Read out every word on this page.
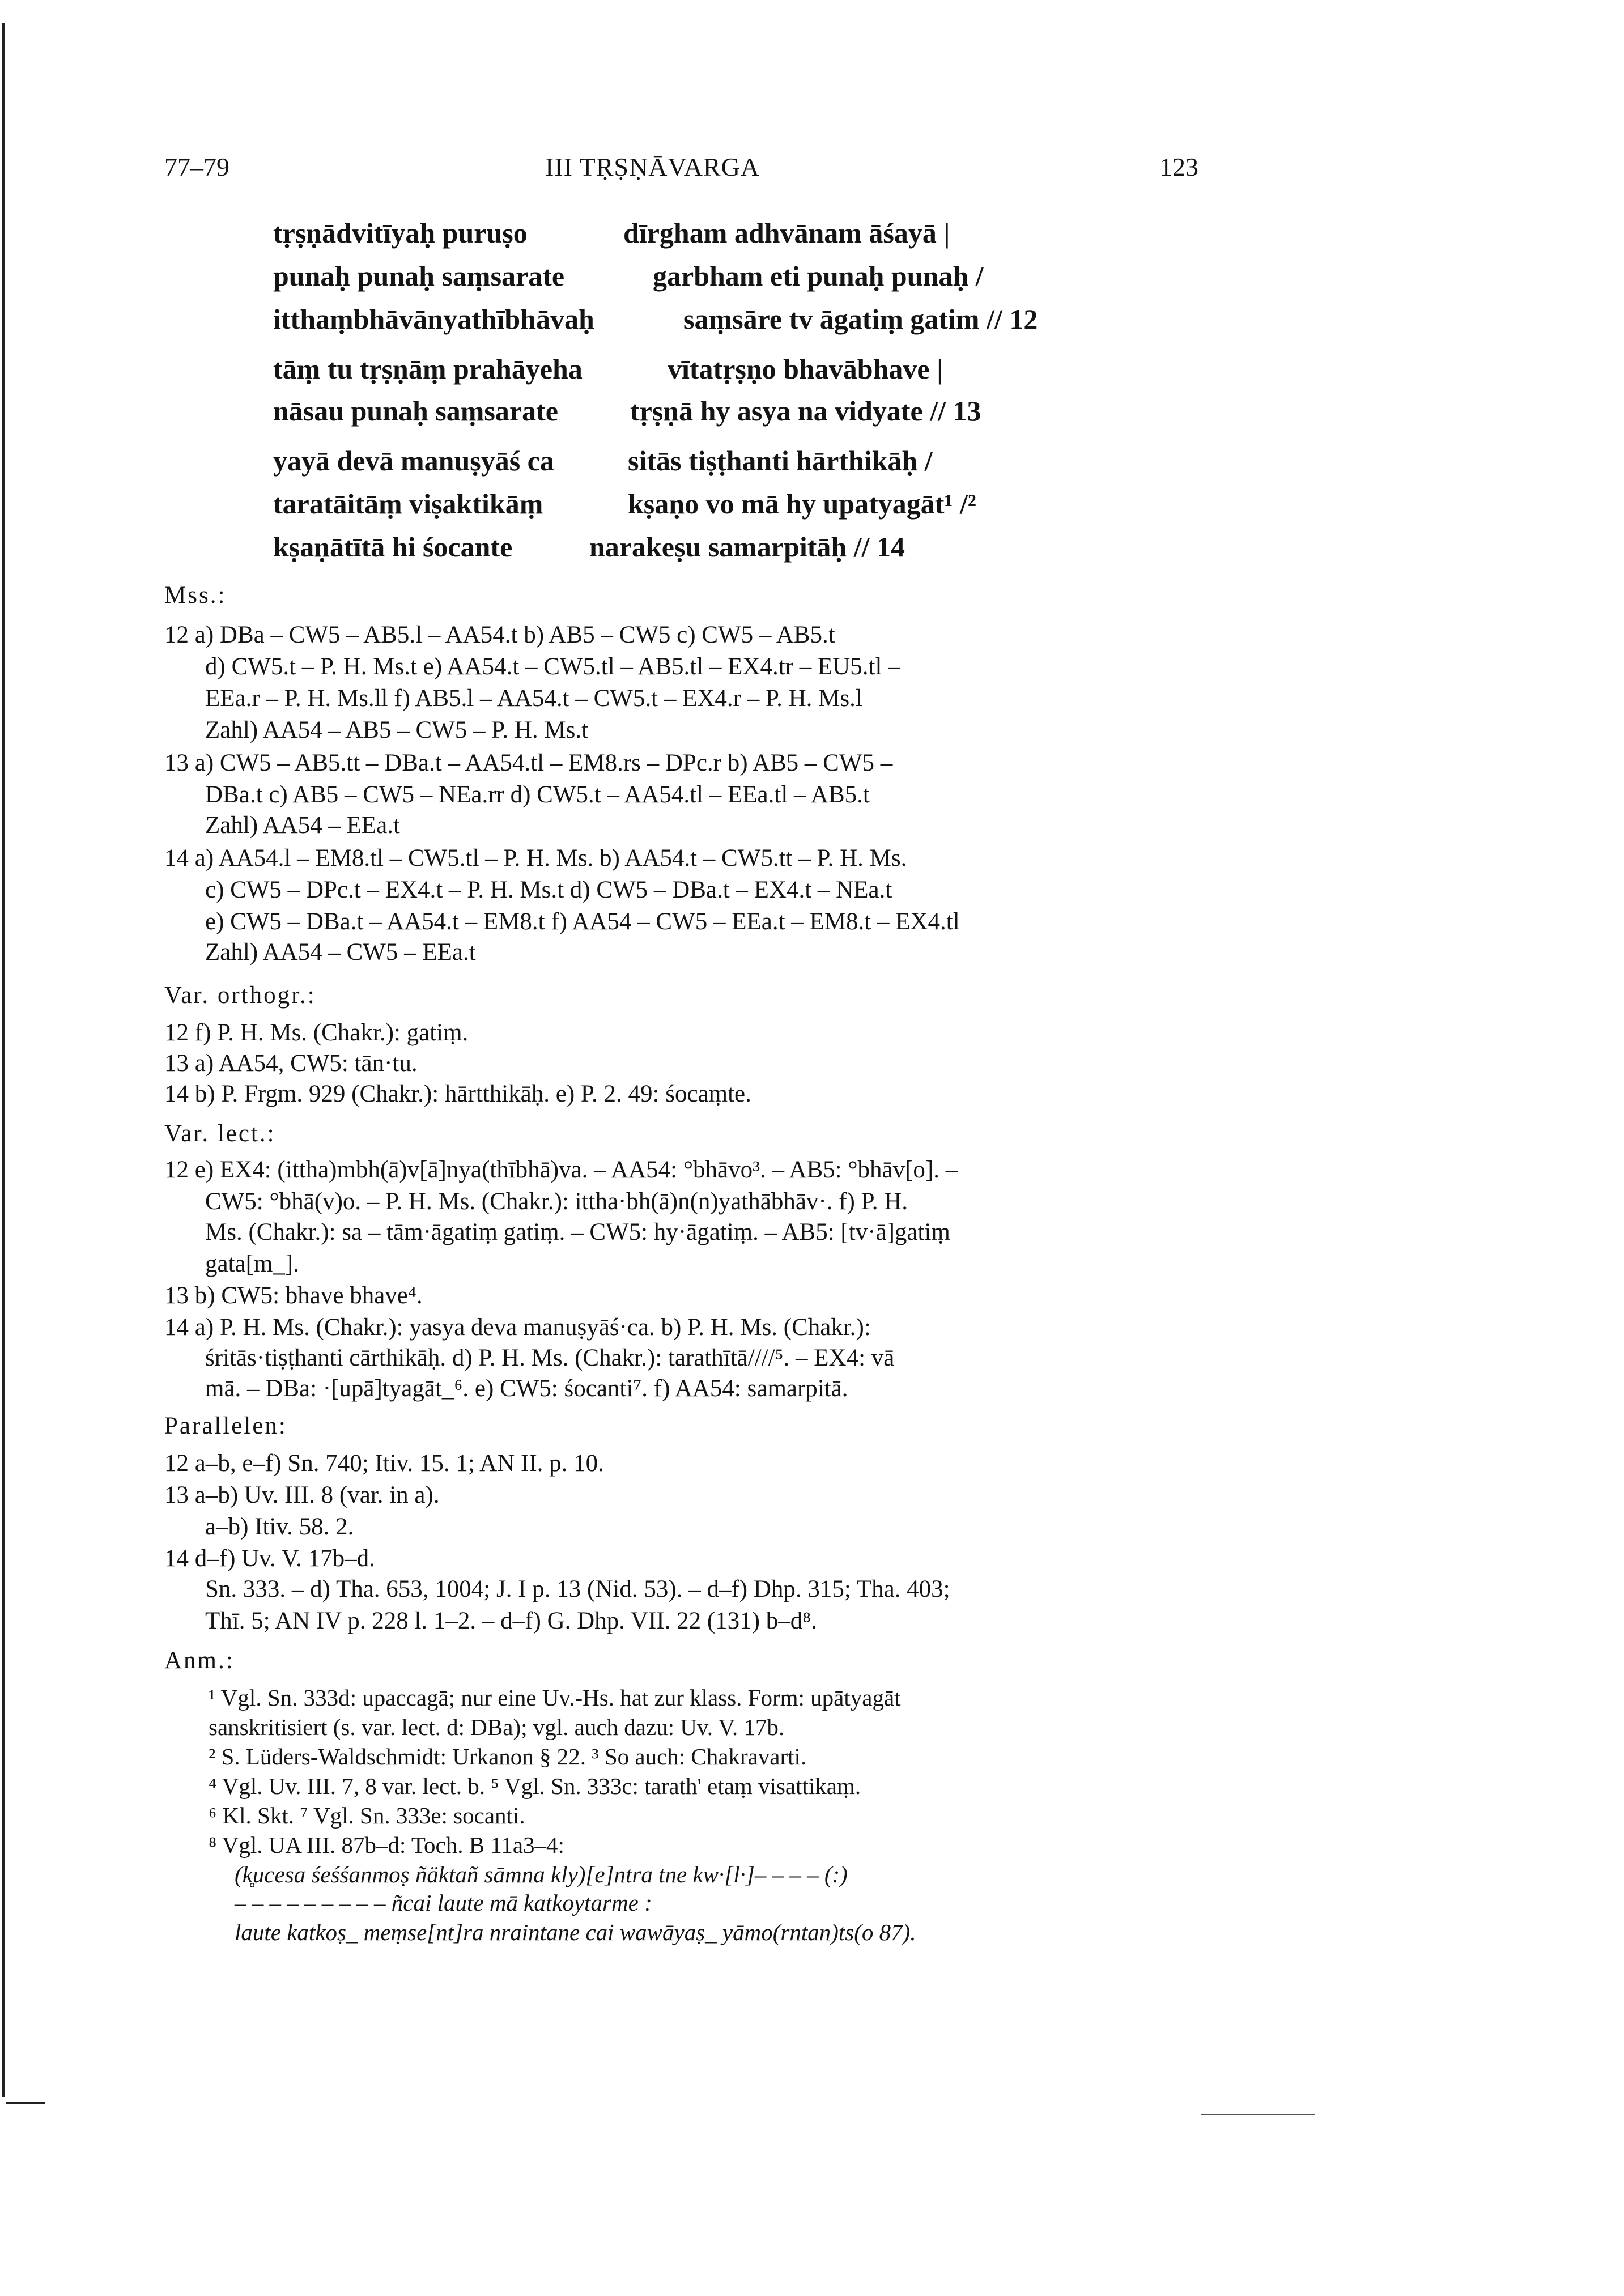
77–79	III TṚṢṆĀVARGA	123
tṛṣṇādvitīyaḥ puruṣo	dīrgham adhvānam āśayā |
punaḥ punaḥ saṃsarate	garbham eti punaḥ punaḥ /
itthaṃbhāvānyathībhāvaḥ	saṃsāre tv āgatiṃ gatim // 12
tāṃ tu tṛṣṇāṃ prahāyeha	vītatṛṣṇo bhavābhave |
nāsau punaḥ saṃsarate	tṛṣṇā hy asya na vidyate // 13
yayā devā manuṣyāś ca	sitās tiṣṭhanti hārthikāḥ /
taratāitāṃ viṣaktikāṃ	kṣaṇo vo mā hy upatyagāt¹ /²
kṣaṇātītā hi śocante	narakeṣu samarpitāḥ // 14
Mss.:
12 a) DBa – CW5 – AB5.l – AA54.t b) AB5 – CW5 c) CW5 – AB5.t
d) CW5.t – P. H. Ms.t e) AA54.t – CW5.tl – AB5.tl – EX4.tr – EU5.tl –
EEa.r – P. H. Ms.ll f) AB5.l – AA54.t – CW5.t – EX4.r – P. H. Ms.l
Zahl) AA54 – AB5 – CW5 – P. H. Ms.t
13 a) CW5 – AB5.tt – DBa.t – AA54.tl – EM8.rs – DPc.r b) AB5 – CW5 –
DBa.t c) AB5 – CW5 – NEa.rr d) CW5.t – AA54.tl – EEa.tl – AB5.t
Zahl) AA54 – EEa.t
14 a) AA54.l – EM8.tl – CW5.tl – P. H. Ms. b) AA54.t – CW5.tt – P. H. Ms.
c) CW5 – DPc.t – EX4.t – P. H. Ms.t d) CW5 – DBa.t – EX4.t – NEa.t
e) CW5 – DBa.t – AA54.t – EM8.t f) AA54 – CW5 – EEa.t – EM8.t – EX4.tl
Zahl) AA54 – CW5 – EEa.t
Var. orthogr.:
12 f) P. H. Ms. (Chakr.): gatiṃ.
13 a) AA54, CW5: tān·tu.
14 b) P. Frgm. 929 (Chakr.): hārtthikāḥ. e) P. 2. 49: śocaṃte.
Var. lect.:
12 e) EX4: (ittha)mbh(ā)v[ā]nya(thībhā)va. – AA54: °bhāvo³. – AB5: °bhāv[o]. –
CW5: °bhā(v)o. – P. H. Ms. (Chakr.): ittha·bh(ā)n(n)yathābhāv·. f) P. H.
Ms. (Chakr.): sa – tām·āgatiṃ gatiṃ. – CW5: hy·āgatiṃ. – AB5: [tv·ā]gatiṃ
gata[m_].
13 b) CW5: bhave bhave⁴.
14 a) P. H. Ms. (Chakr.): yasya deva manuṣyāś·ca. b) P. H. Ms. (Chakr.):
śritās·tiṣṭhanti cārthikāḥ. d) P. H. Ms. (Chakr.): tarathītā////⁵. – EX4: vā
mā. – DBa: ·[upā]tyagāt_⁶. e) CW5: śocanti⁷. f) AA54: samarpitā.
Parallelen:
12 a–b, e–f) Sn. 740; Itiv. 15. 1; AN II. p. 10.
13 a–b) Uv. III. 8 (var. in a).
a–b) Itiv. 58. 2.
14 d–f) Uv. V. 17b–d.
Sn. 333. – d) Tha. 653, 1004; J. I p. 13 (Nid. 53). – d–f) Dhp. 315; Tha. 403;
Thī. 5; AN IV p. 228 l. 1–2. – d–f) G. Dhp. VII. 22 (131) b–d⁸.
Anm.:
¹ Vgl. Sn. 333d: upaccagā; nur eine Uv.-Hs. hat zur klass. Form: upātyagāt
sanskritisiert (s. var. lect. d: DBa); vgl. auch dazu: Uv. V. 17b.
² S. Lüders-Waldschmidt: Urkanon § 22. ³ So auch: Chakravarti.
⁴ Vgl. Uv. III. 7, 8 var. lect. b. ⁵ Vgl. Sn. 333c: tarath' etaṃ visattikaṃ.
⁶ Kl. Skt. ⁷ Vgl. Sn. 333e: socanti.
⁸ Vgl. UA III. 87b–d: Toch. B 11a3–4:
(k̥ucesa śeśśanmoṣ ñäktañ sāmna kly)[e]ntra tne kw·[l·]– – – – (:)
– – – – – – – – – ñcai laute mā katkoytarme :
laute katkoṣ_ meṃse[nt]ra nraintane cai wawāyaṣ_ yāmo(rntan)ts(o 87).
